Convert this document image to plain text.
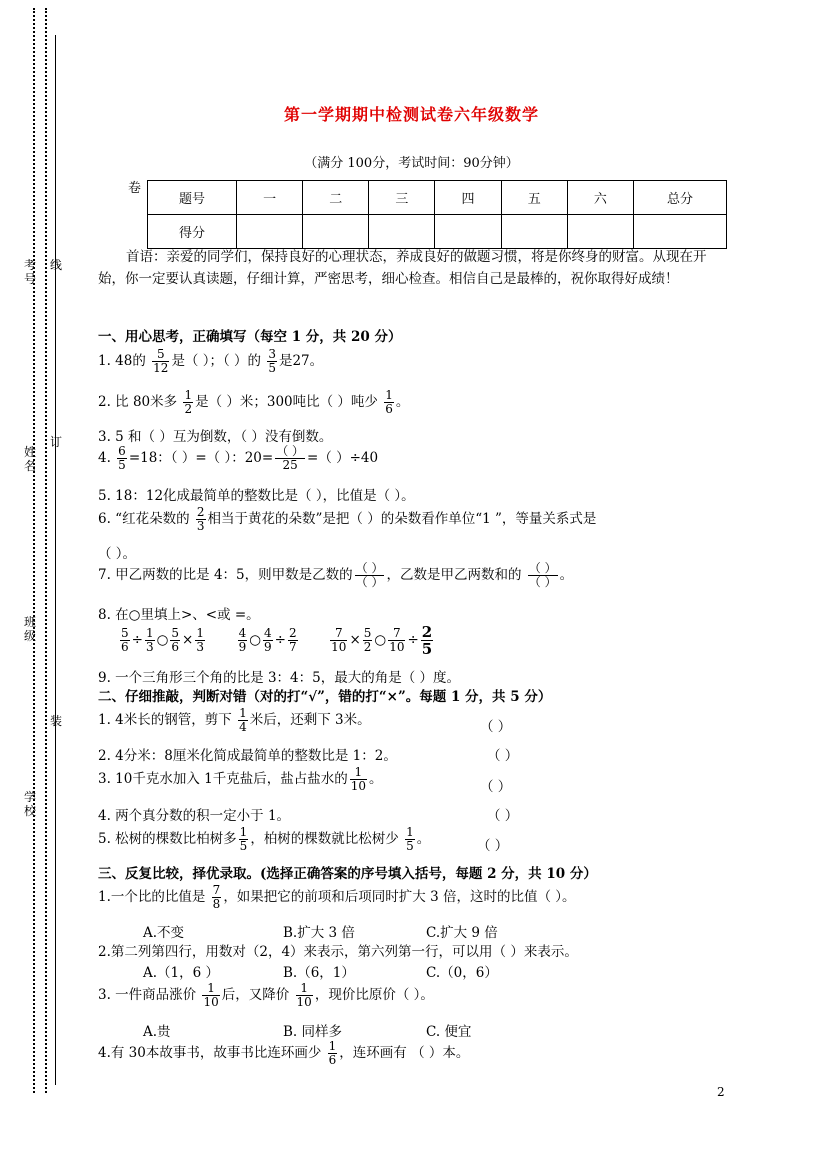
考号
线
姓名
订
班级
装
学校
第一学期期中检测试卷六年级数学
（满分 100分，考试时间：90分钟）
卷
题号	一	二	三	四	五	六	总分
得分							
首语：亲爱的同学们，保持良好的心理状态，养成良好的做题习惯，将是你终身的财富。从现在开始，你一定要认真读题，仔细计算，严密思考，细心检查。相信自己是最棒的，祝你取得好成绩！
一、用心思考，正确填写（每空 1 分，共 20 分）
1. 48的 $\frac{5}{12}$ 是（ ）；（ ）的 $\frac{3}{5}$ 是27。
2. 比 80米多 $\frac{1}{2}$ 是（ ）米；300吨比（ ）吨少 $\frac{1}{6}$ 。
3. 5 和（ ）互为倒数，（ ）没有倒数。
4. $\frac{6}{5} =18$：（ ）=（ ）：$20= \frac{( )}{25}$ =（ ）÷40
5. 18：12化成最简单的整数比是（ ），比值是（ ）。
6. “红花朵数的 $\frac{2}{3}$ 相当于黄花的朵数”是把（ ）的朵数看作单位“1 ”，等量关系式是
（ ）。
7. 甲乙两数的比是 4：5，则甲数是乙数的 $\frac{( )}{( )}$ ，乙数是甲乙两数和的 $\frac{( )}{( )}$ 。
8. 在○里填上>、<或 =。
$\frac{5}{6} \div \frac{1}{3}$ ○ $\frac{5}{6} \times \frac{1}{3}$
	$\frac{4}{9}$ ○ $\frac{4}{9} \div \frac{2}{7}$
	$\frac{7}{10} \times \frac{5}{2}$ ○ $\frac{7}{10} \div \frac{2}{5}$
9. 一个三角形三个角的比是 3：4：5，最大的角是（ ）度。
二、仔细推敲，判断对错（对的打“√”，错的打“×”。每题 1 分，共 5 分）
1. 4米长的钢管，剪下 $\frac{1}{4}$ 米后，还剩下 3米。	（ ）
2. 4分米：8厘米化简成最简单的整数比是 1：2。	（ ）
3. 10千克水加入 1千克盐后，盐占盐水的 $\frac{1}{10}$ 。	（ ）
4. 两个真分数的积一定小于 1。	（ ）
5. 松树的棵数比柏树多 $\frac{1}{5}$ ，柏树的棵数就比松树少 $\frac{1}{5}$ 。	（ ）
三、反复比较，择优录取。(选择正确答案的序号填入括号，每题 2 分，共 10 分）
1.一个比的比值是 $\frac{7}{8}$ ，如果把它的前项和后项同时扩大 3 倍，这时的比值（ ）。
A.不变	B.扩大 3 倍	C.扩大 9 倍
2.第二列第四行，用数对（2，4）来表示，第六列第一行，可以用（ ）来表示。
A.（1，6 ）	B.（6，1）	C.（0，6）
3. 一件商品涨价 $\frac{1}{10}$ 后，又降价 $\frac{1}{10}$ ，现价比原价（ ）。
A.贵	B. 同样多	C. 便宜
4.有 30本故事书，故事书比连环画少 $\frac{1}{6}$ ，连环画有 （ ）本。
2
